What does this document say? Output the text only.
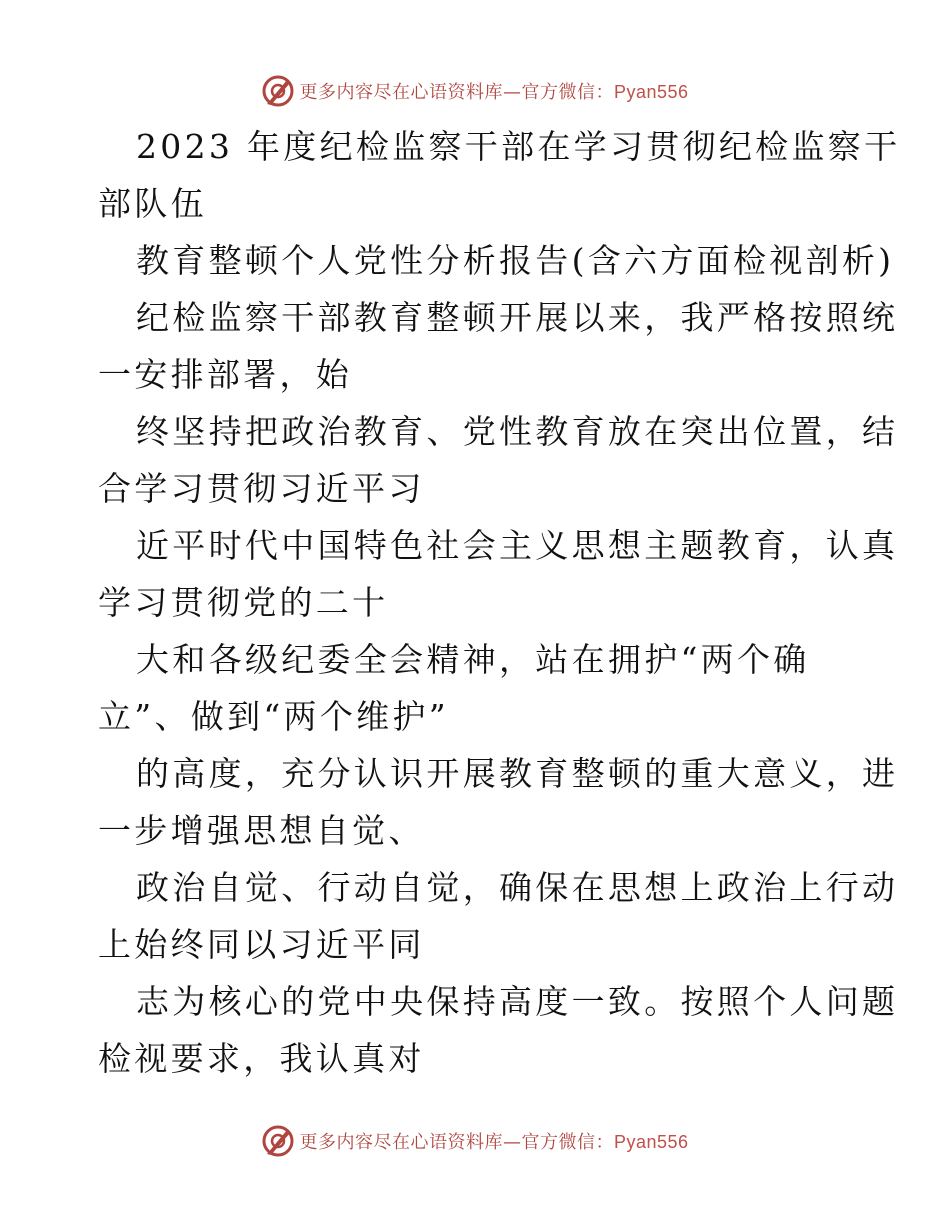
更多内容尽在心语资料库—官方微信：Pyan556
2023 年度纪检监察干部在学习贯彻纪检监察干
部队伍
教育整顿个人党性分析报告(含六方面检视剖析)
纪检监察干部教育整顿开展以来，我严格按照统
一安排部署，始
终坚持把政治教育、党性教育放在突出位置，结
合学习贯彻习近平习
近平时代中国特色社会主义思想主题教育，认真
学习贯彻党的二十
大和各级纪委全会精神，站在拥护“两个确
立”、做到“两个维护”
的高度，充分认识开展教育整顿的重大意义，进
一步增强思想自觉、
政治自觉、行动自觉，确保在思想上政治上行动
上始终同以习近平同
志为核心的党中央保持高度一致。按照个人问题
检视要求，我认真对
更多内容尽在心语资料库—官方微信：Pyan556
